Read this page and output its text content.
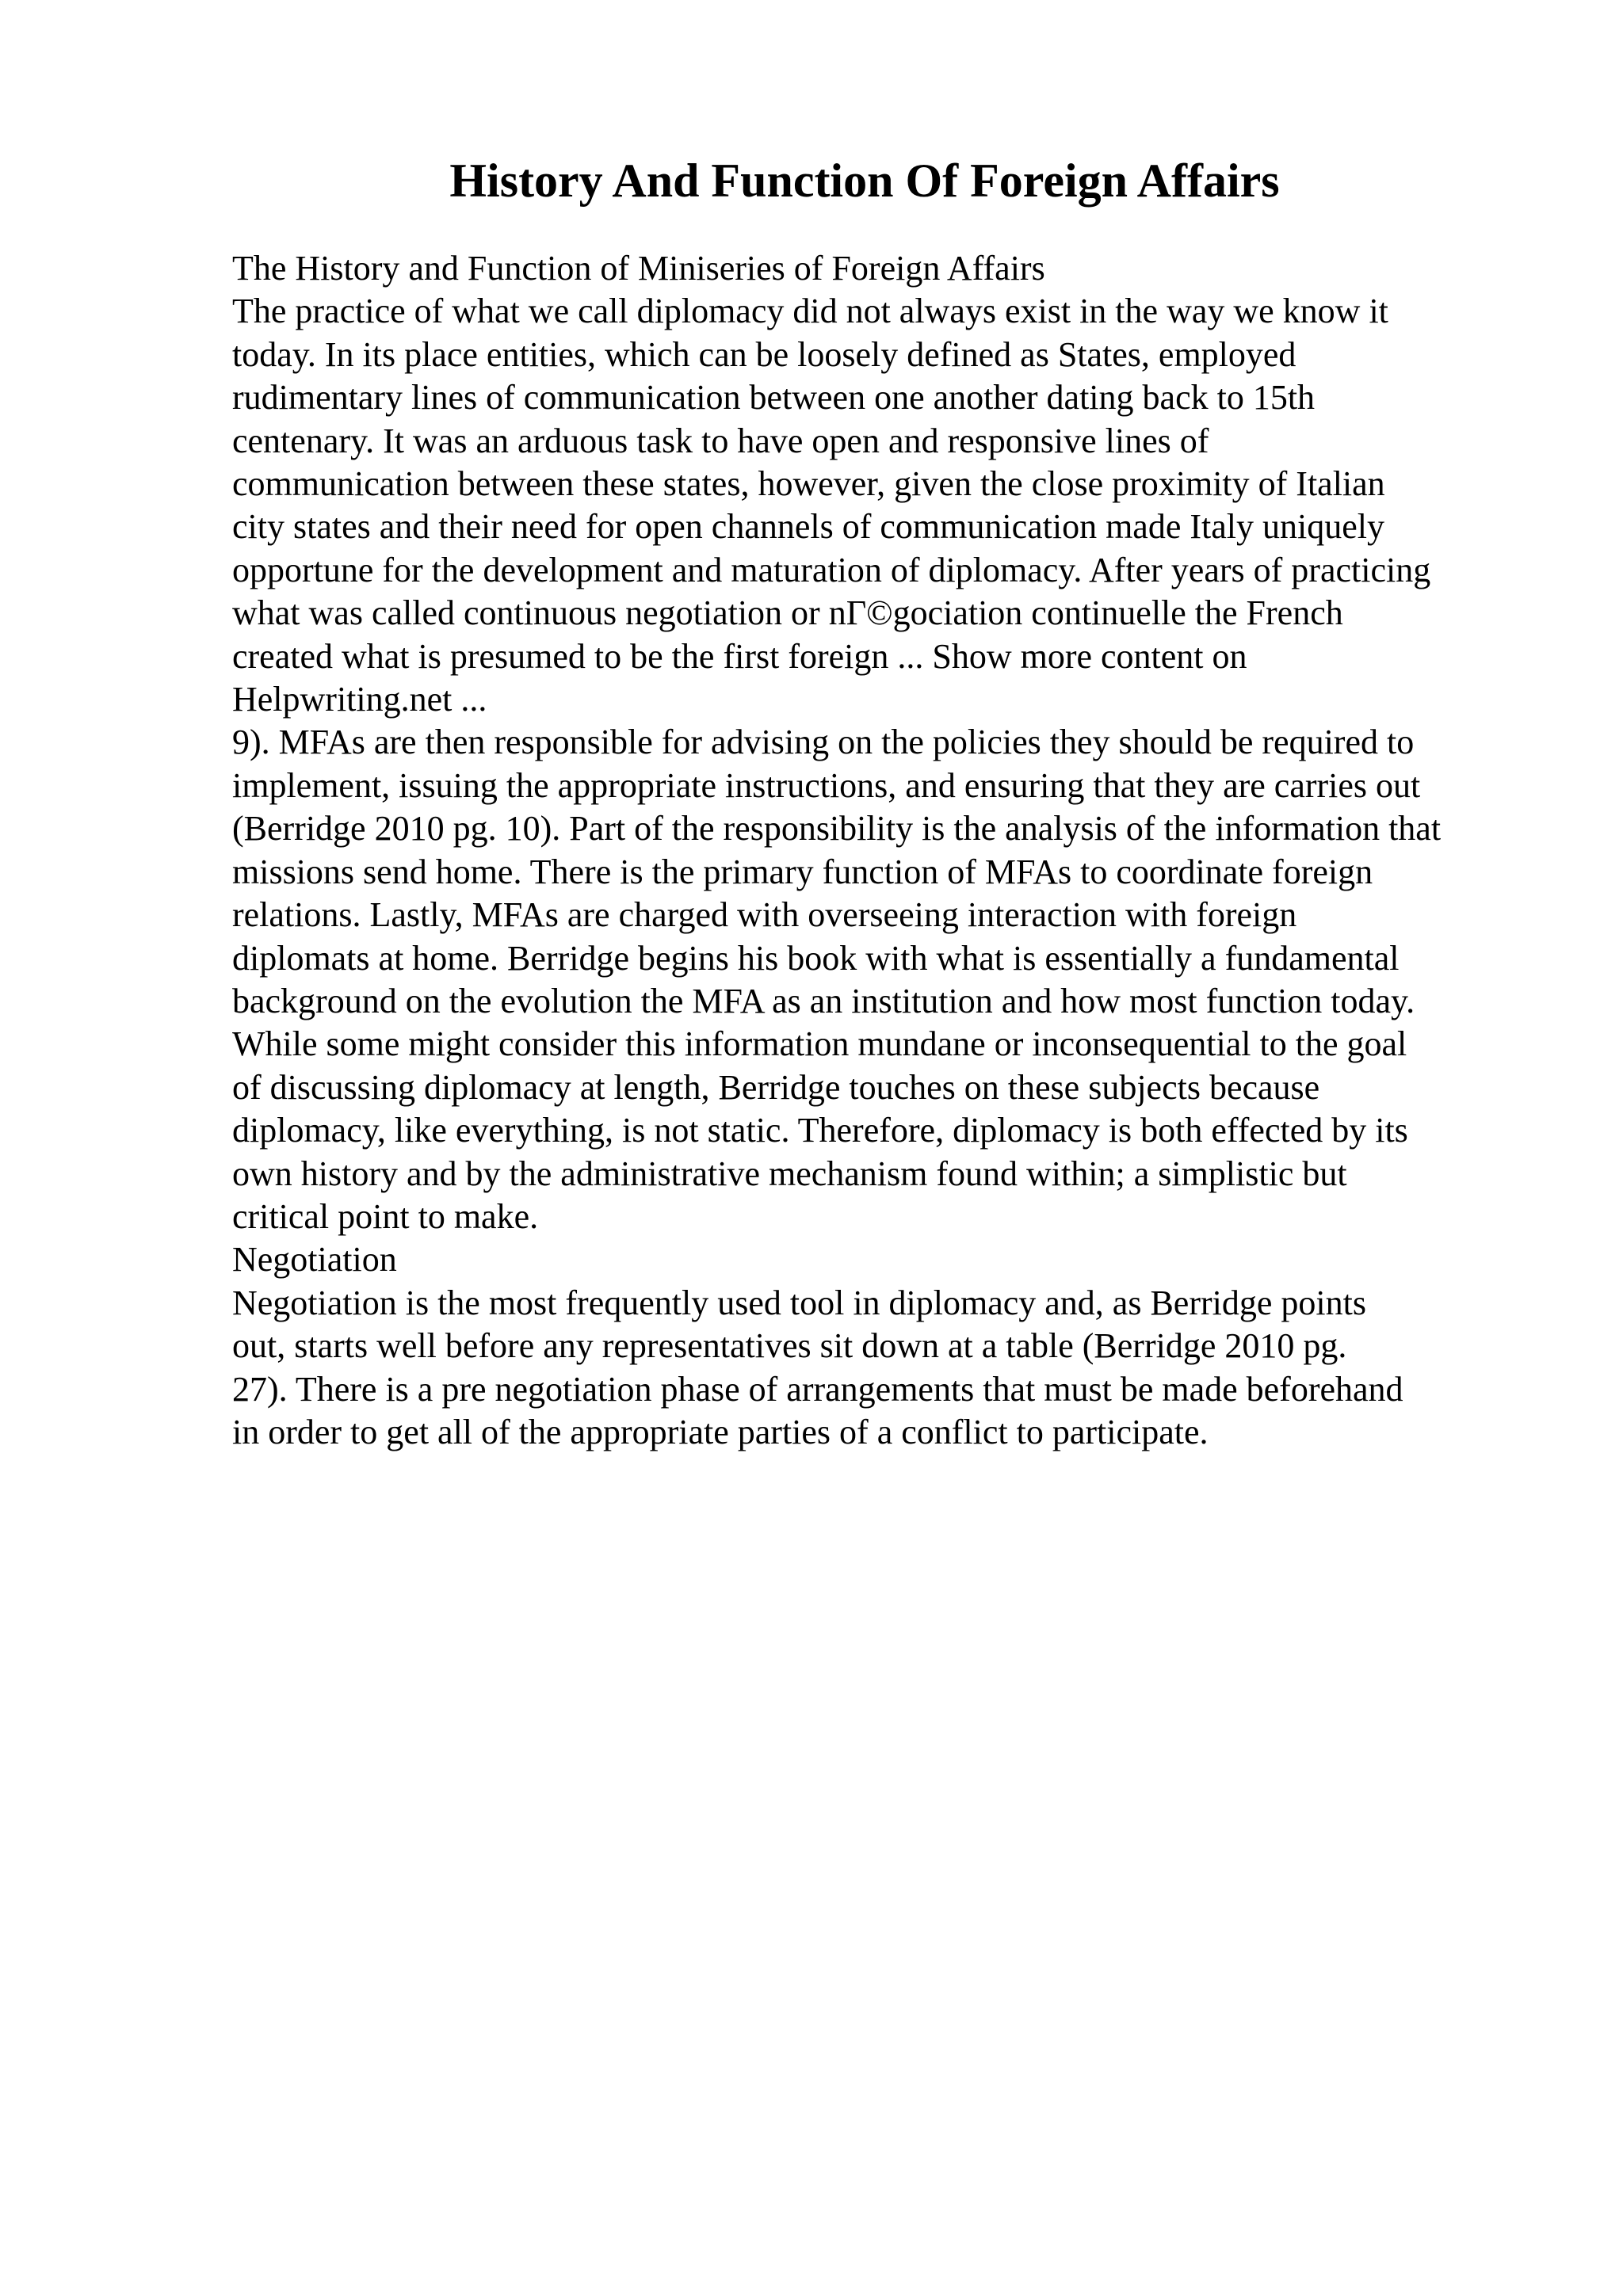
History And Function Of Foreign Affairs
The History and Function of Miniseries of Foreign Affairs
The practice of what we call diplomacy did not always exist in the way we know it
today. In its place entities, which can be loosely defined as States, employed
rudimentary lines of communication between one another dating back to 15th
centenary. It was an arduous task to have open and responsive lines of
communication between these states, however, given the close proximity of Italian
city states and their need for open channels of communication made Italy uniquely
opportune for the development and maturation of diplomacy. After years of practicing
what was called continuous negotiation or nΓ©gociation continuelle the French
created what is presumed to be the first foreign ... Show more content on
Helpwriting.net ...
9). MFAs are then responsible for advising on the policies they should be required to
implement, issuing the appropriate instructions, and ensuring that they are carries out
(Berridge 2010 pg. 10). Part of the responsibility is the analysis of the information that
missions send home. There is the primary function of MFAs to coordinate foreign
relations. Lastly, MFAs are charged with overseeing interaction with foreign
diplomats at home. Berridge begins his book with what is essentially a fundamental
background on the evolution the MFA as an institution and how most function today.
While some might consider this information mundane or inconsequential to the goal
of discussing diplomacy at length, Berridge touches on these subjects because
diplomacy, like everything, is not static. Therefore, diplomacy is both effected by its
own history and by the administrative mechanism found within; a simplistic but
critical point to make.
Negotiation
Negotiation is the most frequently used tool in diplomacy and, as Berridge points
out, starts well before any representatives sit down at a table (Berridge 2010 pg.
27). There is a pre negotiation phase of arrangements that must be made beforehand
in order to get all of the appropriate parties of a conflict to participate.
